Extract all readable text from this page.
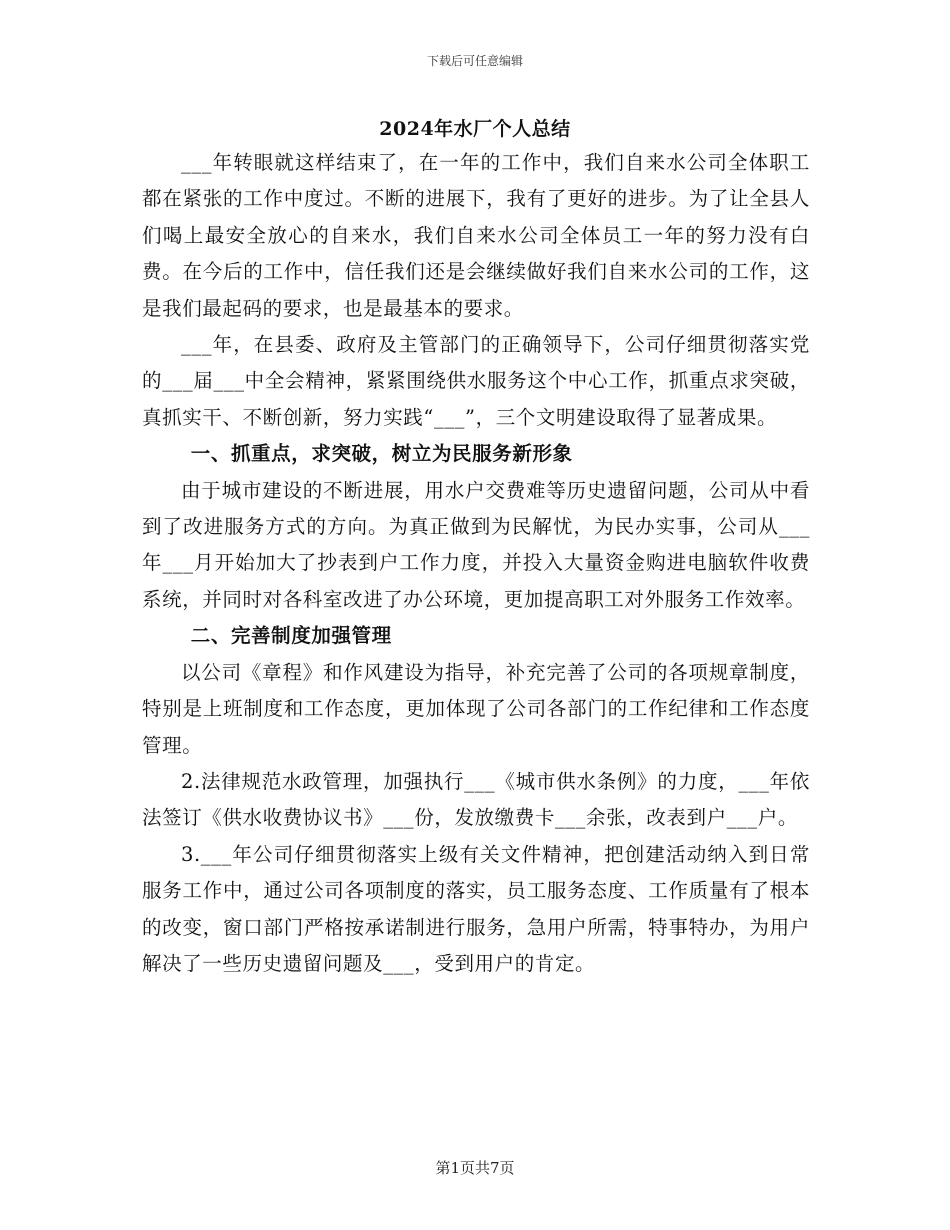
下载后可任意编辑
2024年水厂个人总结

___年转眼就这样结束了，在一年的工作中，我们自来水公司全体职工都在紧张的工作中度过。不断的进展下，我有了更好的进步。为了让全县人们喝上最安全放心的自来水，我们自来水公司全体员工一年的努力没有白费。在今后的工作中，信任我们还是会继续做好我们自来水公司的工作，这是我们最起码的要求，也是最基本的要求。

___年，在县委、政府及主管部门的正确领导下，公司仔细贯彻落实党的___届___中全会精神，紧紧围绕供水服务这个中心工作，抓重点求突破，真抓实干、不断创新，努力实践“___”，三个文明建设取得了显著成果。

一、抓重点，求突破，树立为民服务新形象

由于城市建设的不断进展，用水户交费难等历史遗留问题，公司从中看到了改进服务方式的方向。为真正做到为民解忧，为民办实事，公司从___年___月开始加大了抄表到户工作力度，并投入大量资金购进电脑软件收费系统，并同时对各科室改进了办公环境，更加提高职工对外服务工作效率。

二、完善制度加强管理

以公司《章程》和作风建设为指导，补充完善了公司的各项规章制度，特别是上班制度和工作态度，更加体现了公司各部门的工作纪律和工作态度管理。

2.法律规范水政管理，加强执行___《城市供水条例》的力度，___年依法签订《供水收费协议书》___份，发放缴费卡___余张，改表到户___户。

3.___年公司仔细贯彻落实上级有关文件精神，把创建活动纳入到日常服务工作中，通过公司各项制度的落实，员工服务态度、工作质量有了根本的改变，窗口部门严格按承诺制进行服务，急用户所需，特事特办，为用户解决了一些历史遗留问题及___，受到用户的肯定。

第1页共7页
